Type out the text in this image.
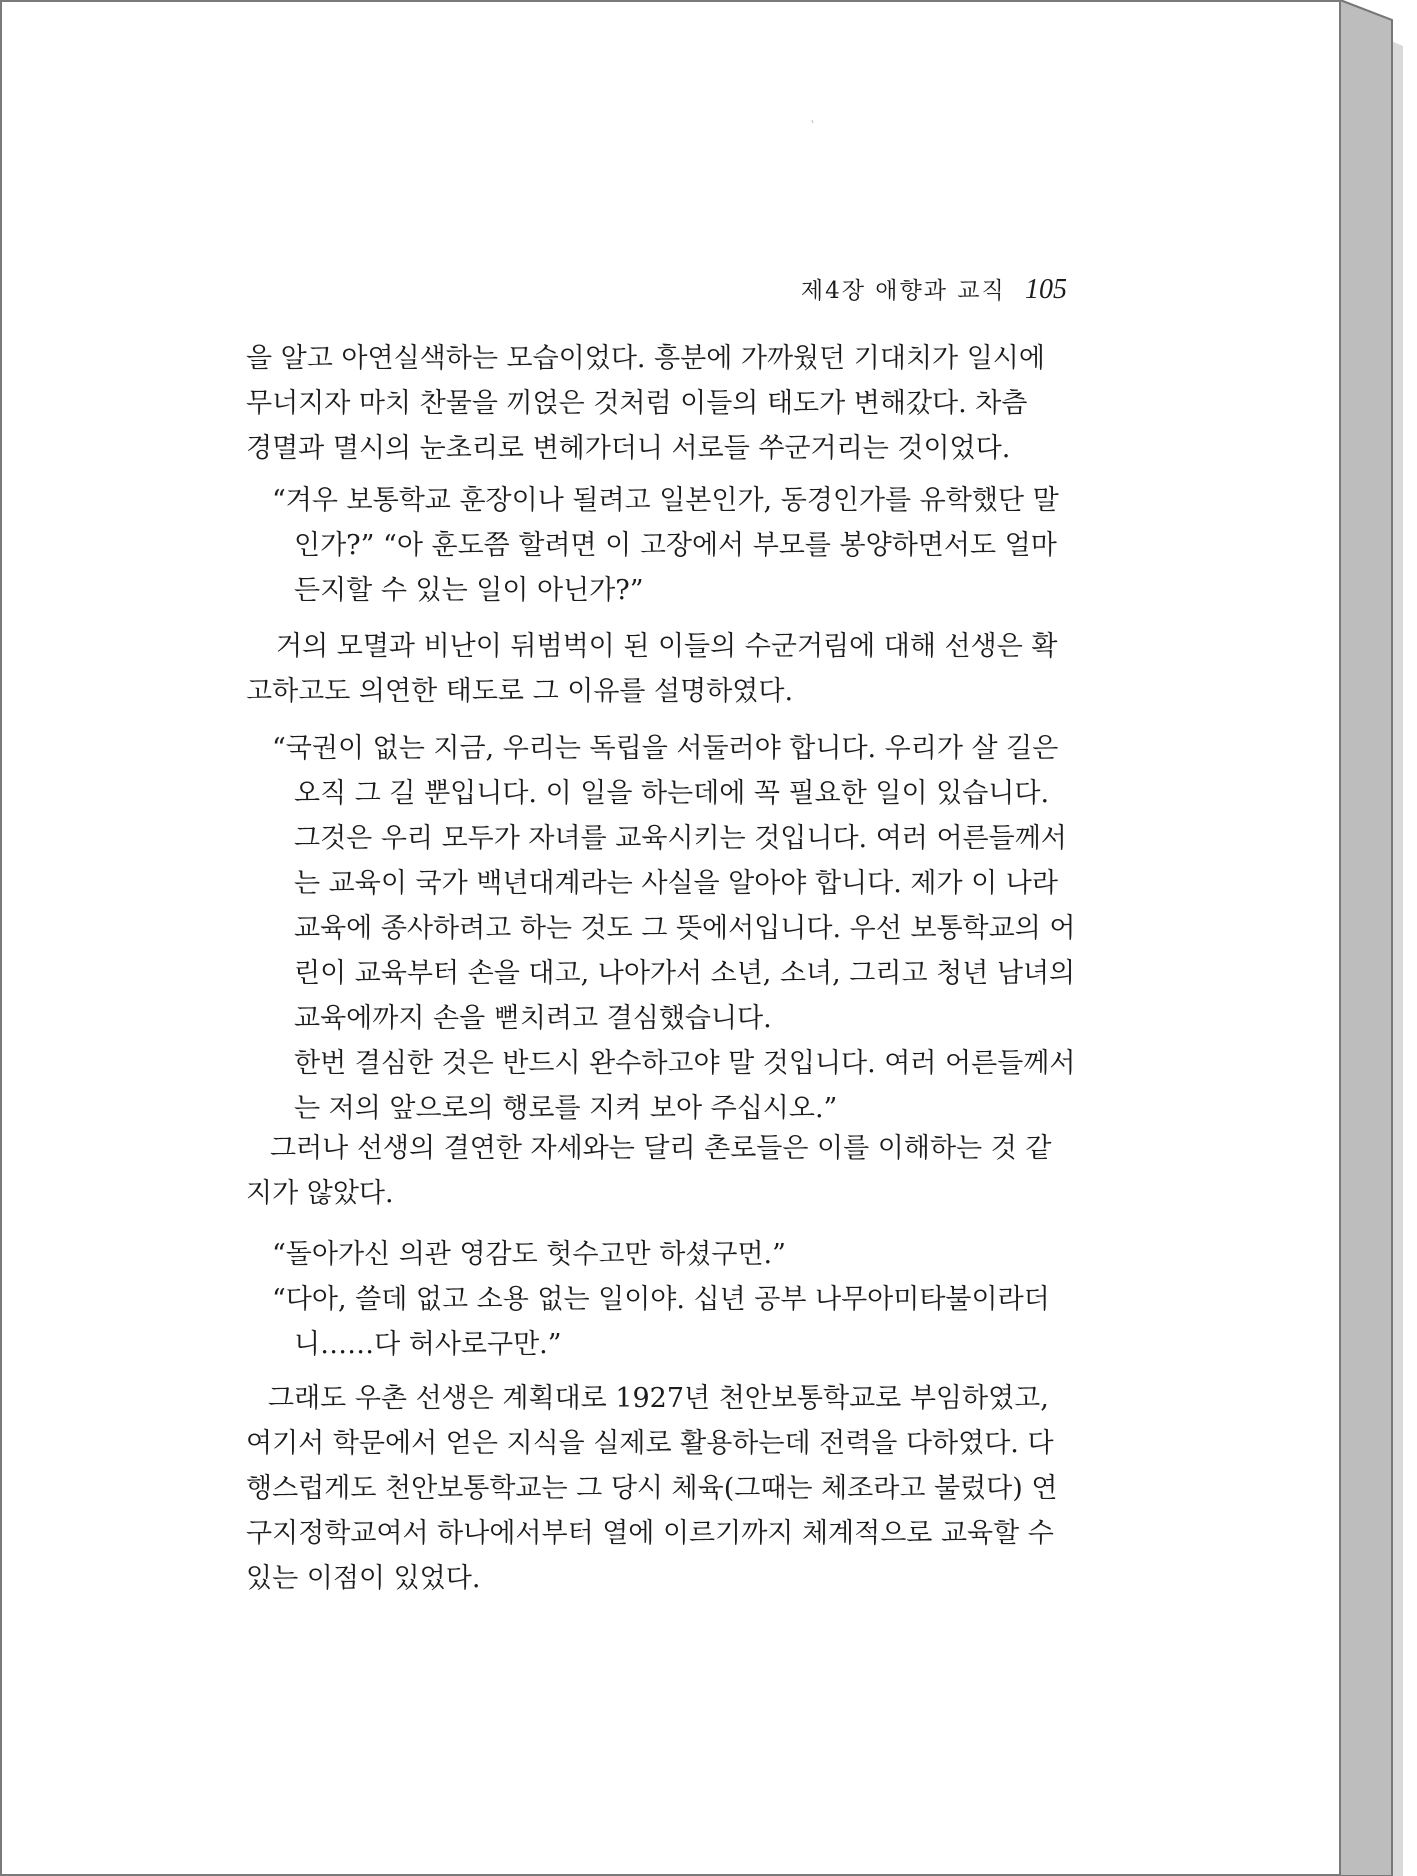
제4장 애향과 교직 105
을 알고 아연실색하는 모습이었다. 흥분에 가까웠던 기대치가 일시에
무너지자 마치 찬물을 끼얹은 것처럼 이들의 태도가 변해갔다. 차츰
경멸과 멸시의 눈초리로 변헤가더니 서로들 쑤군거리는 것이었다.
“겨우 보통학교 훈장이나 될려고 일본인가, 동경인가를 유학했단 말
인가?” “아 훈도쯤 할려면 이 고장에서 부모를 봉양하면서도 얼마
든지할 수 있는 일이 아닌가?”
거의 모멸과 비난이 뒤범벅이 된 이들의 수군거림에 대해 선생은 확
고하고도 의연한 태도로 그 이유를 설명하였다.
“국권이 없는 지금, 우리는 독립을 서둘러야 합니다. 우리가 살 길은
오직 그 길 뿐입니다. 이 일을 하는데에 꼭 필요한 일이 있습니다.
그것은 우리 모두가 자녀를 교육시키는 것입니다. 여러 어른들께서
는 교육이 국가 백년대계라는 사실을 알아야 합니다. 제가 이 나라
교육에 종사하려고 하는 것도 그 뜻에서입니다. 우선 보통학교의 어
린이 교육부터 손을 대고, 나아가서 소년, 소녀, 그리고 청년 남녀의
교육에까지 손을 뻗치려고 결심했습니다.
한번 결심한 것은 반드시 완수하고야 말 것입니다. 여러 어른들께서
는 저의 앞으로의 행로를 지켜 보아 주십시오.”
그러나 선생의 결연한 자세와는 달리 촌로들은 이를 이해하는 것 같
지가 않았다.
“돌아가신 의관 영감도 헛수고만 하셨구먼.”
“다아, 쓸데 없고 소용 없는 일이야. 십년 공부 나무아미타불이라더
니……다 허사로구만.”
그래도 우촌 선생은 계획대로 1927년 천안보통학교로 부임하였고,
여기서 학문에서 얻은 지식을 실제로 활용하는데 전력을 다하였다. 다
행스럽게도 천안보통학교는 그 당시 체육(그때는 체조라고 불렀다) 연
구지정학교여서 하나에서부터 열에 이르기까지 체계적으로 교육할 수
있는 이점이 있었다.
